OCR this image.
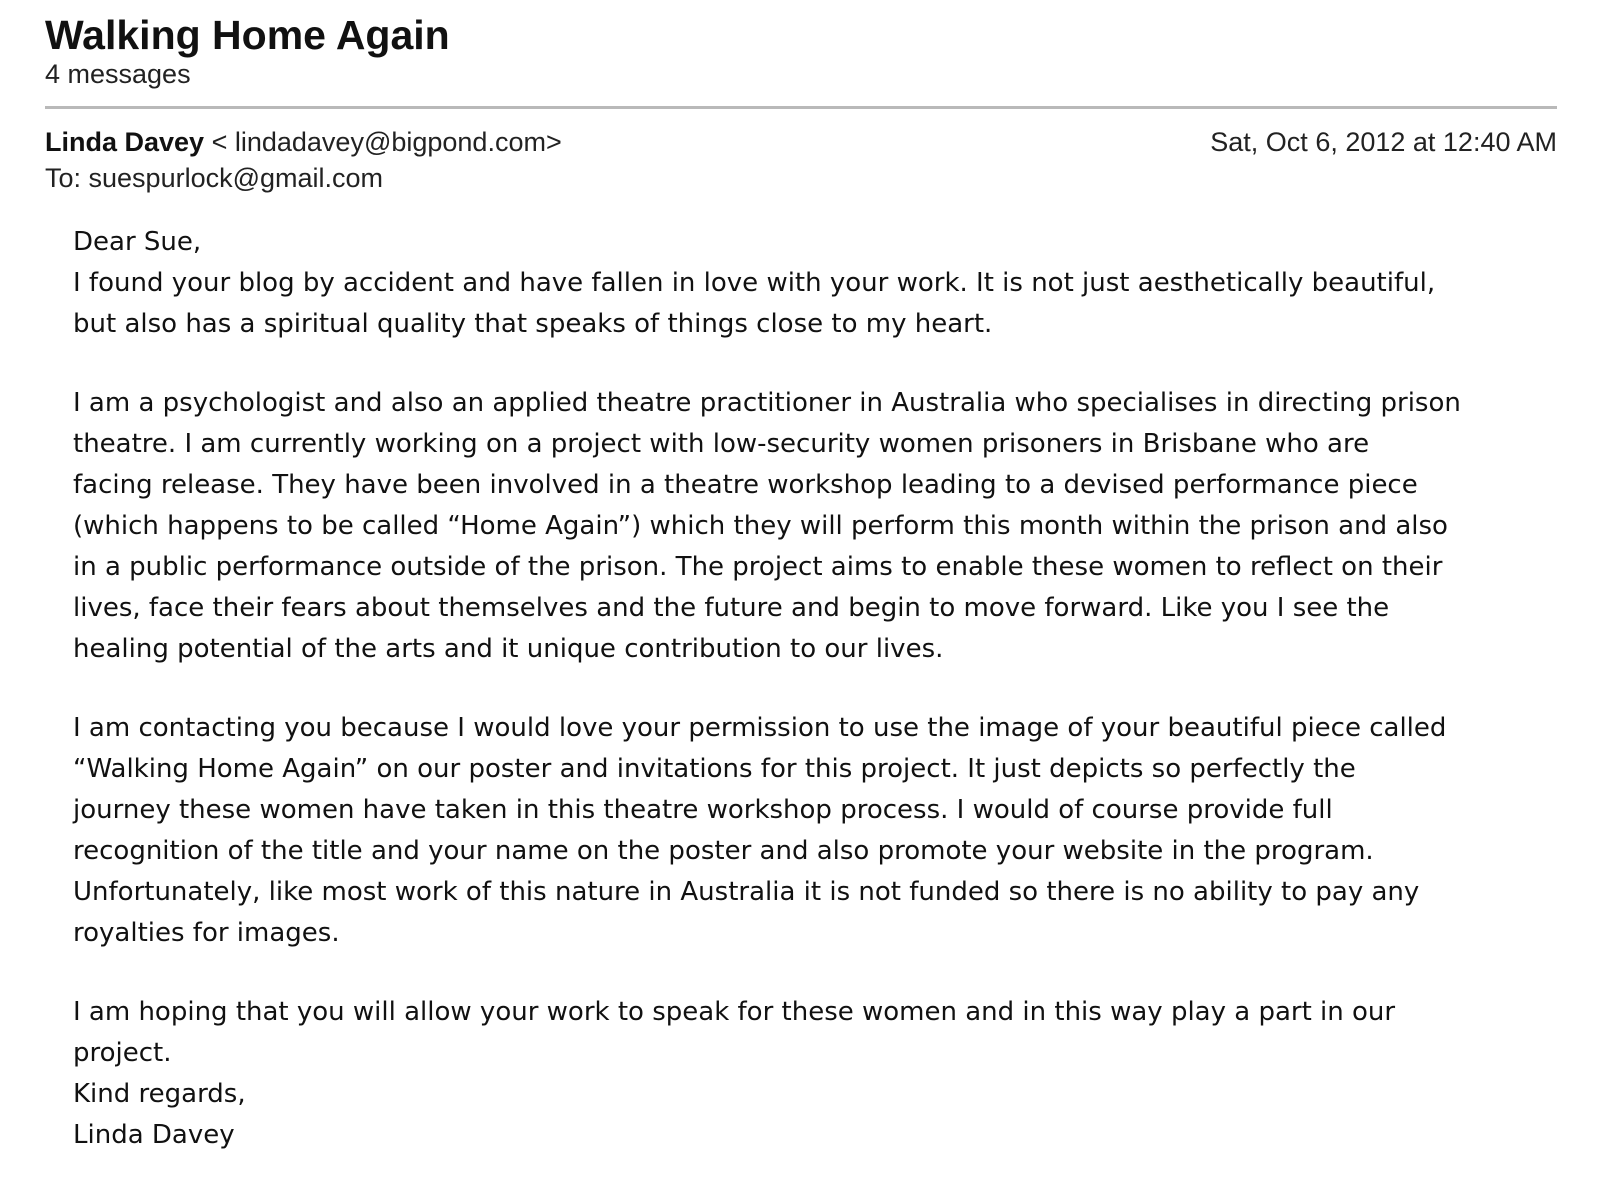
Walking Home Again
4 messages
Linda Davey < lindadavey@bigpond.com>	Sat, Oct 6, 2012 at 12:40 AM
To: suespurlock@gmail.com

Dear Sue,

I found your blog by accident and have fallen in love with your work. It is not just aesthetically beautiful,

but also has a spiritual quality that speaks of things close to my heart.

I am a psychologist and also an applied theatre practitioner in Australia who specialises in directing prison

theatre. I am currently working on a project with low-security women prisoners in Brisbane who are

facing release. They have been involved in a theatre workshop leading to a devised performance piece

(which happens to be called “Home Again”) which they will perform this month within the prison and also

in a public performance outside of the prison. The project aims to enable these women to reflect on their

lives, face their fears about themselves and the future and begin to move forward. Like you I see the

healing potential of the arts and it unique contribution to our lives.

I am contacting you because I would love your permission to use the image of your beautiful piece called

“Walking Home Again” on our poster and invitations for this project. It just depicts so perfectly the

journey these women have taken in this theatre workshop process. I would of course provide full

recognition of the title and your name on the poster and also promote your website in the program.

Unfortunately, like most work of this nature in Australia it is not funded so there is no ability to pay any

royalties for images.

I am hoping that you will allow your work to speak for these women and in this way play a part in our

project.

Kind regards,

Linda Davey
